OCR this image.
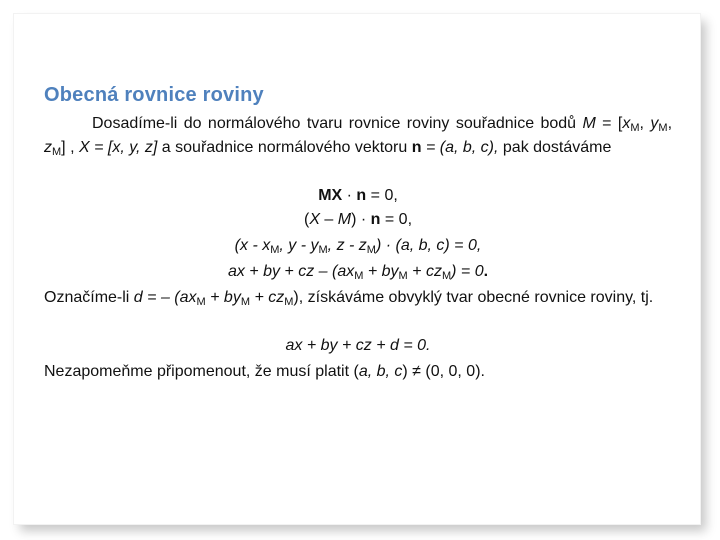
Obecná rovnice roviny
Dosadíme-li do normálového tvaru rovnice roviny souřadnice bodů $M = [x_M$, $y_M$, $z_M$] , X = [x, y, z] a souřadnice normálového vektoru n = (a, b, c), pak dostáváme
MX · n = 0,
(X – M) · n = 0,
($x - x_M$, y - $y_M$, $z - z_M) \cdot (a$, b, c) = 0,
ax + by + cz – $(ax_M + by_M + cz_M) = 0$.
Označíme-li d = – $(ax_M + by_M + cz_M)$, získáváme obvyklý tvar obecné rovnice roviny, tj.
ax + by + cz + d = 0.
Nezapomeňme připomenout, že musí platit (a, b, c) ≠ (0, 0, 0).
